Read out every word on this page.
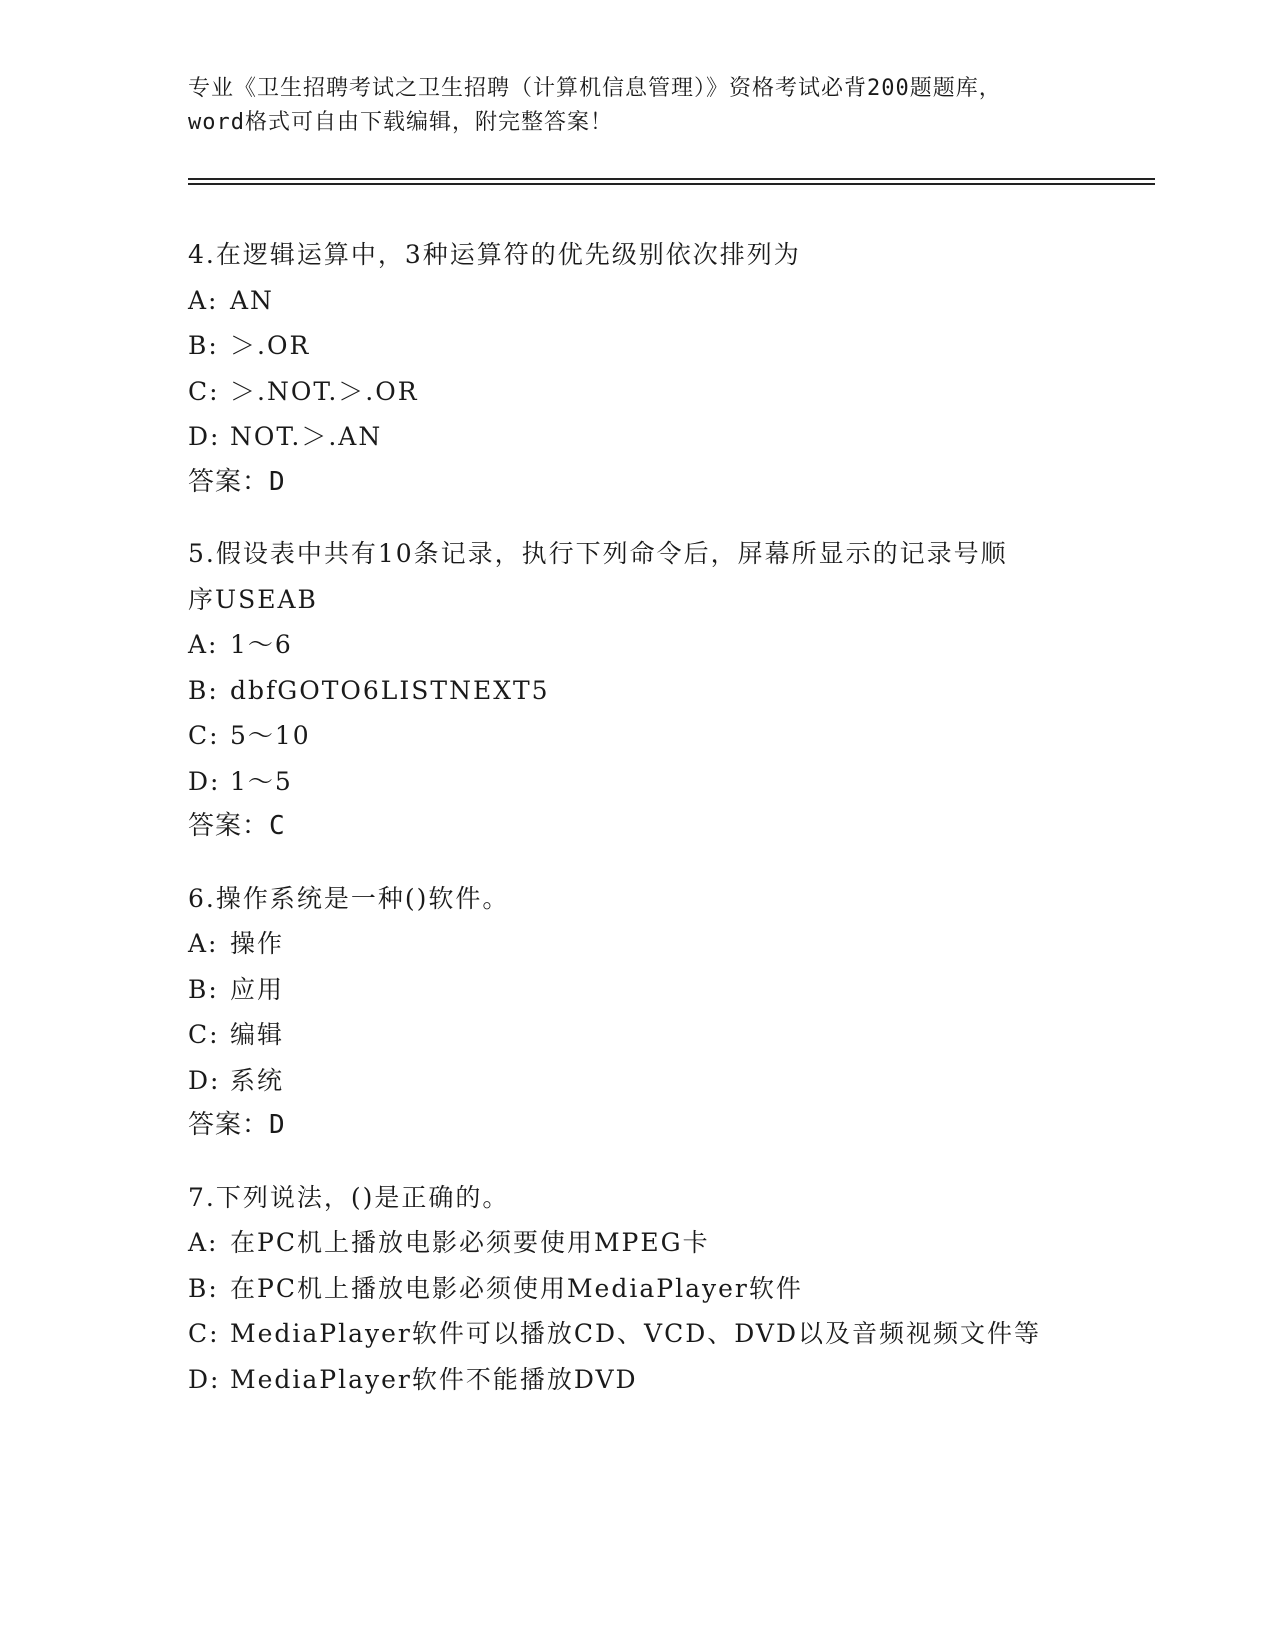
专业《卫生招聘考试之卫生招聘（计算机信息管理）》资格考试必背200题题库，
word格式可自由下载编辑，附完整答案！
4.在逻辑运算中，3种运算符的优先级别依次排列为
A: AN
B: ＞.OR
C: ＞.NOT.＞.OR
D: NOT.＞.AN
答案：D
5.假设表中共有10条记录，执行下列命令后，屏幕所显示的记录号顺
序USEAB
A: 1～6
B: dbfGOTO6LISTNEXT5
C: 5～10
D: 1～5
答案：C
6.操作系统是一种()软件。
A: 操作
B: 应用
C: 编辑
D: 系统
答案：D
7.下列说法，()是正确的。
A: 在PC机上播放电影必须要使用MPEG卡
B: 在PC机上播放电影必须使用MediaPlayer软件
C: MediaPlayer软件可以播放CD、VCD、DVD以及音频视频文件等
D: MediaPlayer软件不能播放DVD
